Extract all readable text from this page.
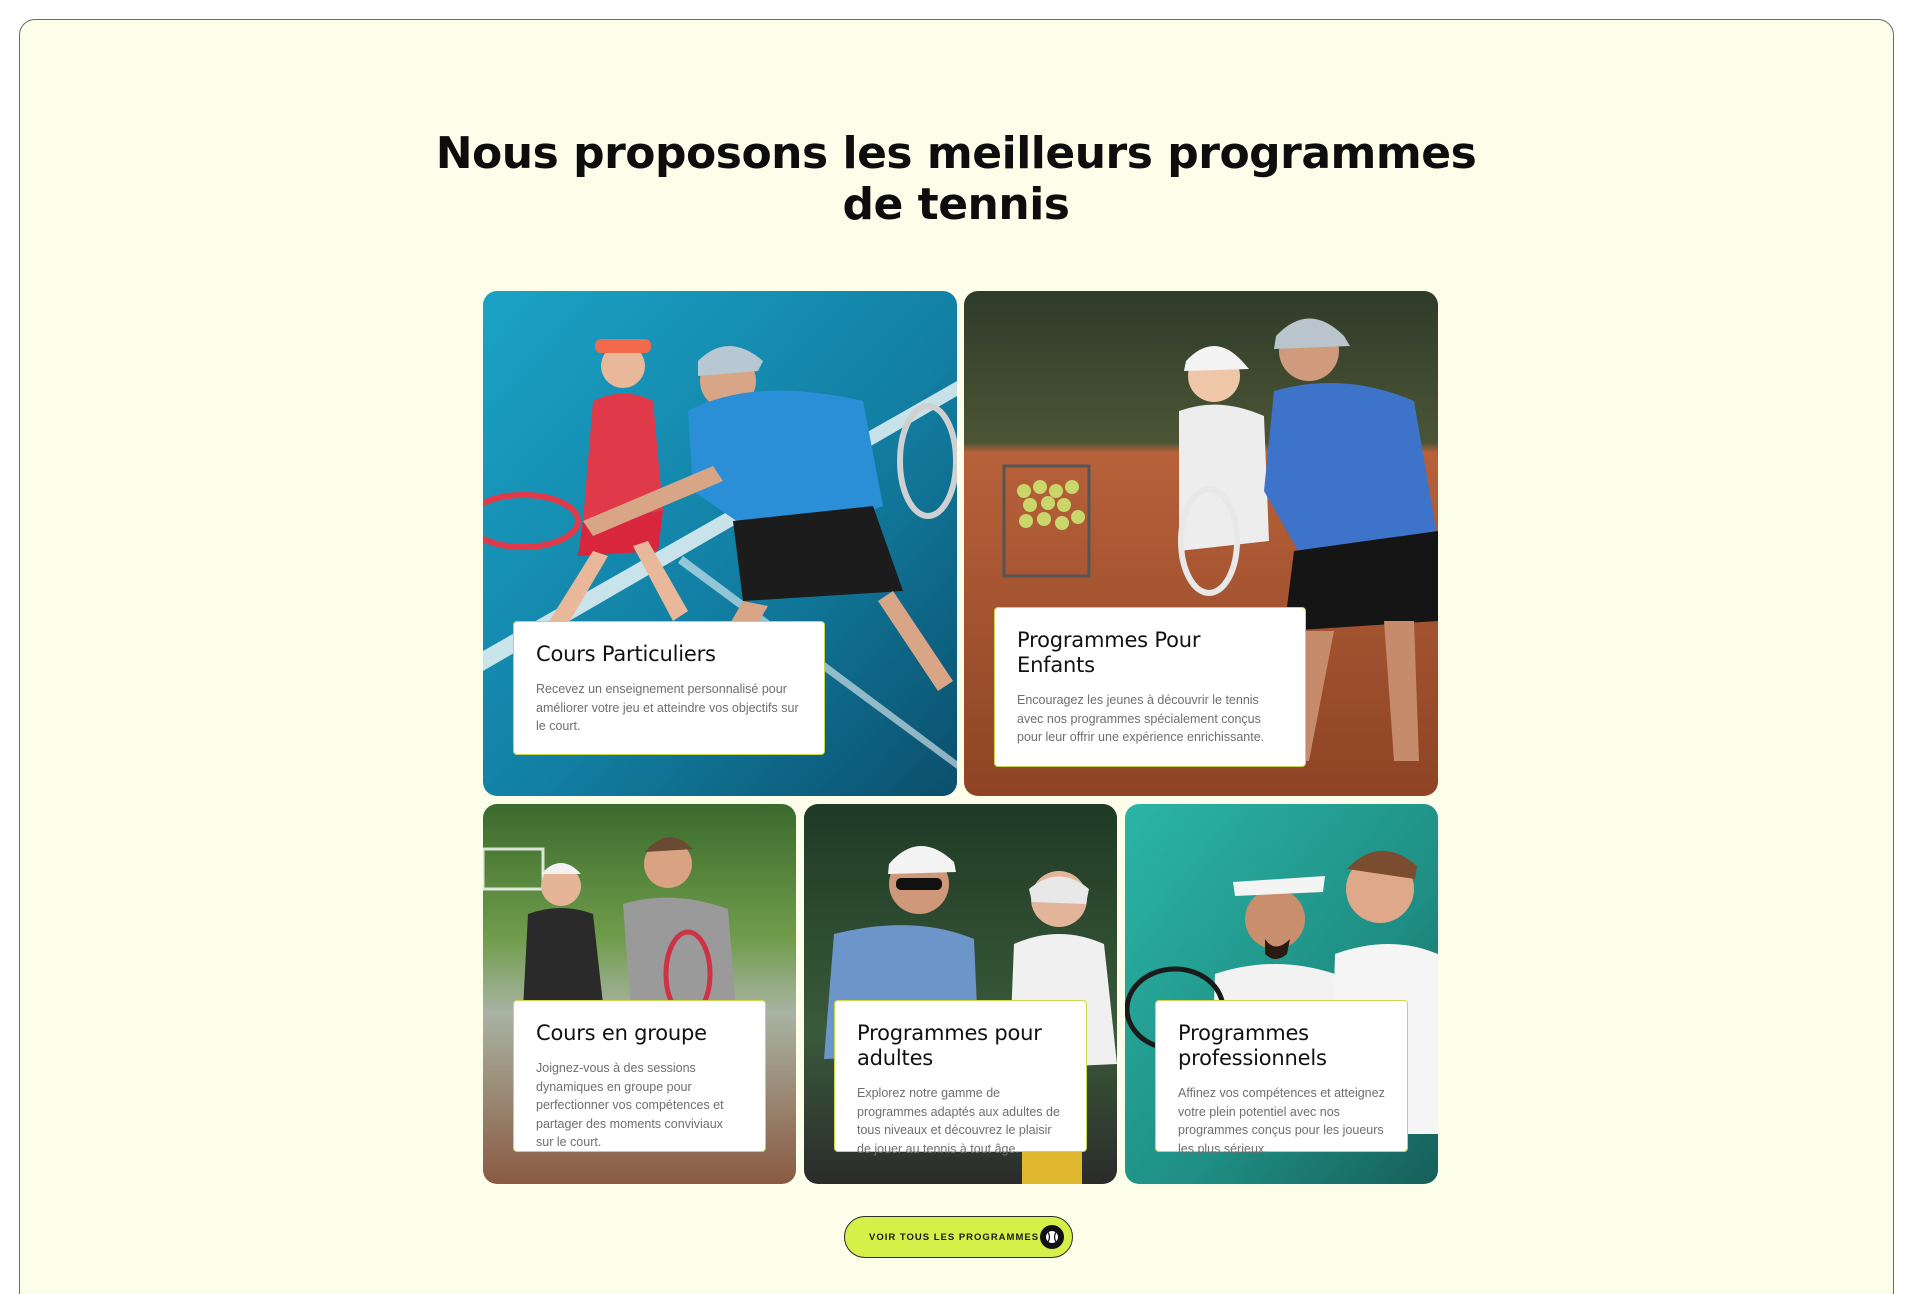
Nous proposons les meilleurs programmes
de tennis
Cours Particuliers

Recevez un enseignement personnalisé pour améliorer votre jeu et atteindre vos objectifs sur le court.

Programmes Pour Enfants

Encouragez les jeunes à découvrir le tennis avec nos programmes spécialement conçus pour leur offrir une expérience enrichissante.

Cours en groupe

Joignez-vous à des sessions dynamiques en groupe pour perfectionner vos compétences et partager des moments conviviaux sur le court.

Programmes pour adultes

Explorez notre gamme de programmes adaptés aux adultes de tous niveaux et découvrez le plaisir de jouer au tennis à tout âge.

Programmes professionnels

Affinez vos compétences et atteignez votre plein potentiel avec nos programmes conçus pour les joueurs les plus sérieux.

VOIR TOUS LES PROGRAMMES
